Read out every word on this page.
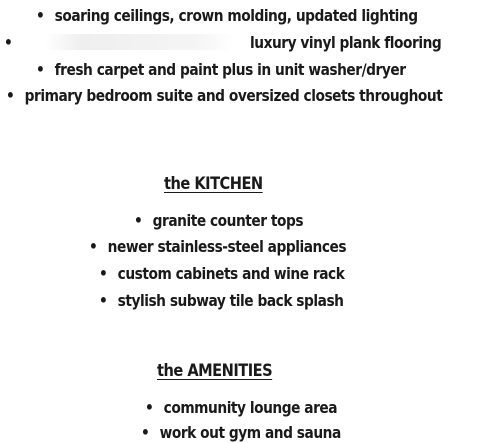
• soaring ceilings, crown molding, updated lighting
•	luxury vinyl plank flooring
• fresh carpet and paint plus in unit washer/dryer
• primary bedroom suite and oversized closets throughout
the KITCHEN
• granite counter tops
• newer stainless-steel appliances
• custom cabinets and wine rack
• stylish subway tile back splash
the AMENITIES
• community lounge area
• work out gym and sauna
